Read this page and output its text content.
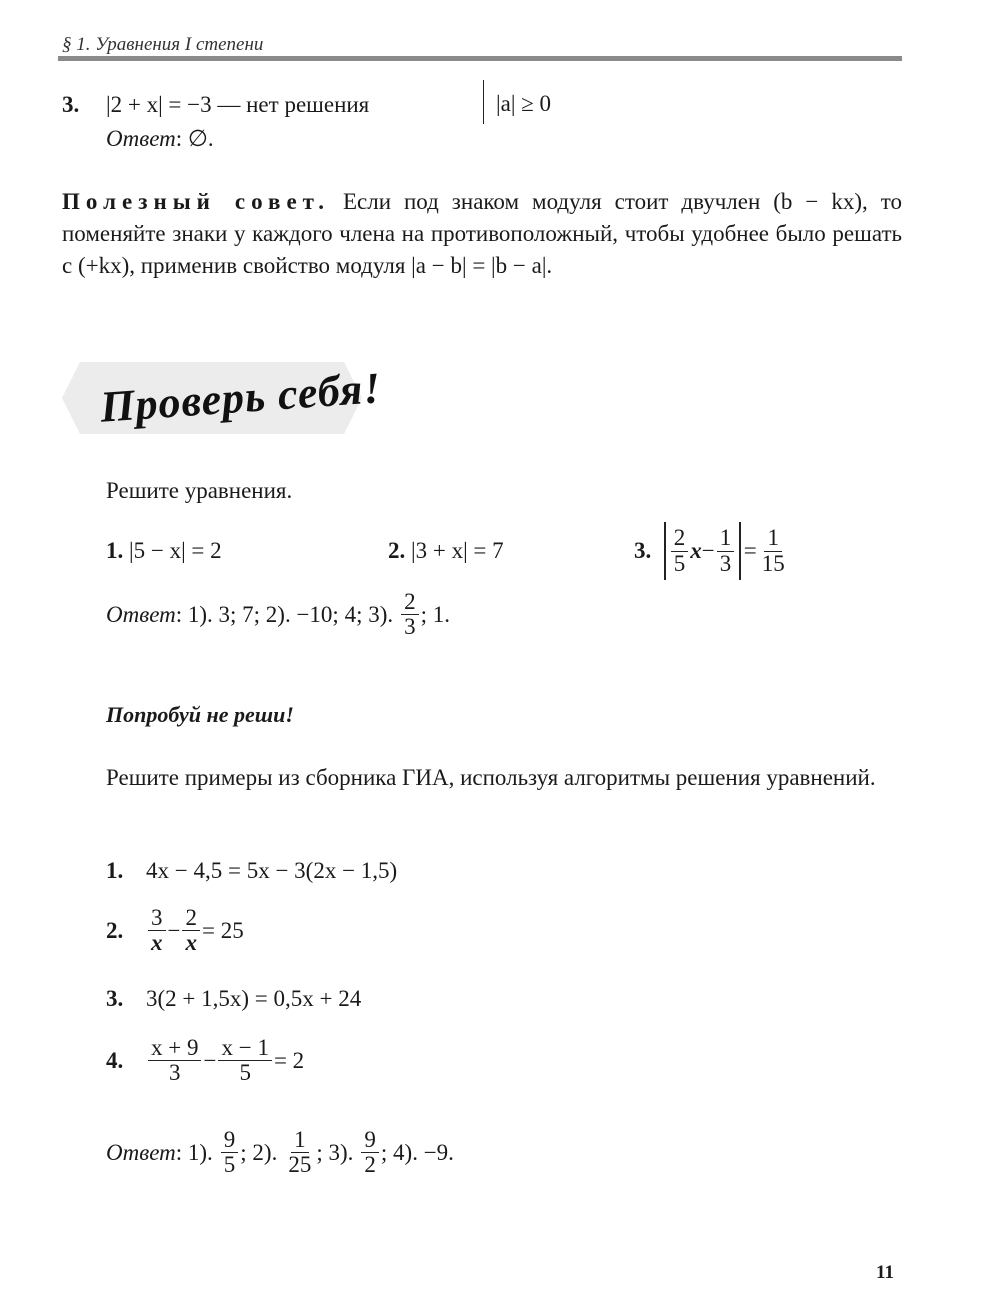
§ 1. Уравнения I степени
3. |2 + x| = −3 — нет решения	|a| ≥ 0
Ответ: ∅.
Полезный совет. Если под знаком модуля стоит двучлен (b − kx), то поменяйте знаки у каждого члена на противоположный, чтобы удобнее было решать с (+kx), применив свойство модуля |a − b| = |b − a|.
Проверь себя!
Решите уравнения.
1. |5 − x| = 2	2. |3 + x| = 7	3. $\frac{2}{5}$ $x - \frac{1}{3} = \frac{1}{15}$
Ответ : 1). 3; 7; 2). −10; 4; 3). $\frac{2}{3}$ ; 1.
Попробуй не реши!
Решите примеры из сборника ГИА, используя алгоритмы решения уравнений.
1. 4x − 4,5 = 5x − 3(2x − 1,5)
2.	$\frac{3}{x} - \frac{2}{x} = 25$
3. 3(2 + 1,5x) = 0,5x + 24
4.	$\frac{x + 9}{3} - \frac{x - 1}{5} = 2$
Ответ : 1). $\frac{9}{5}$ ; 2). $\frac{1}{25}$ ; 3). $\frac{9}{2}$ ; 4). −9.
11
